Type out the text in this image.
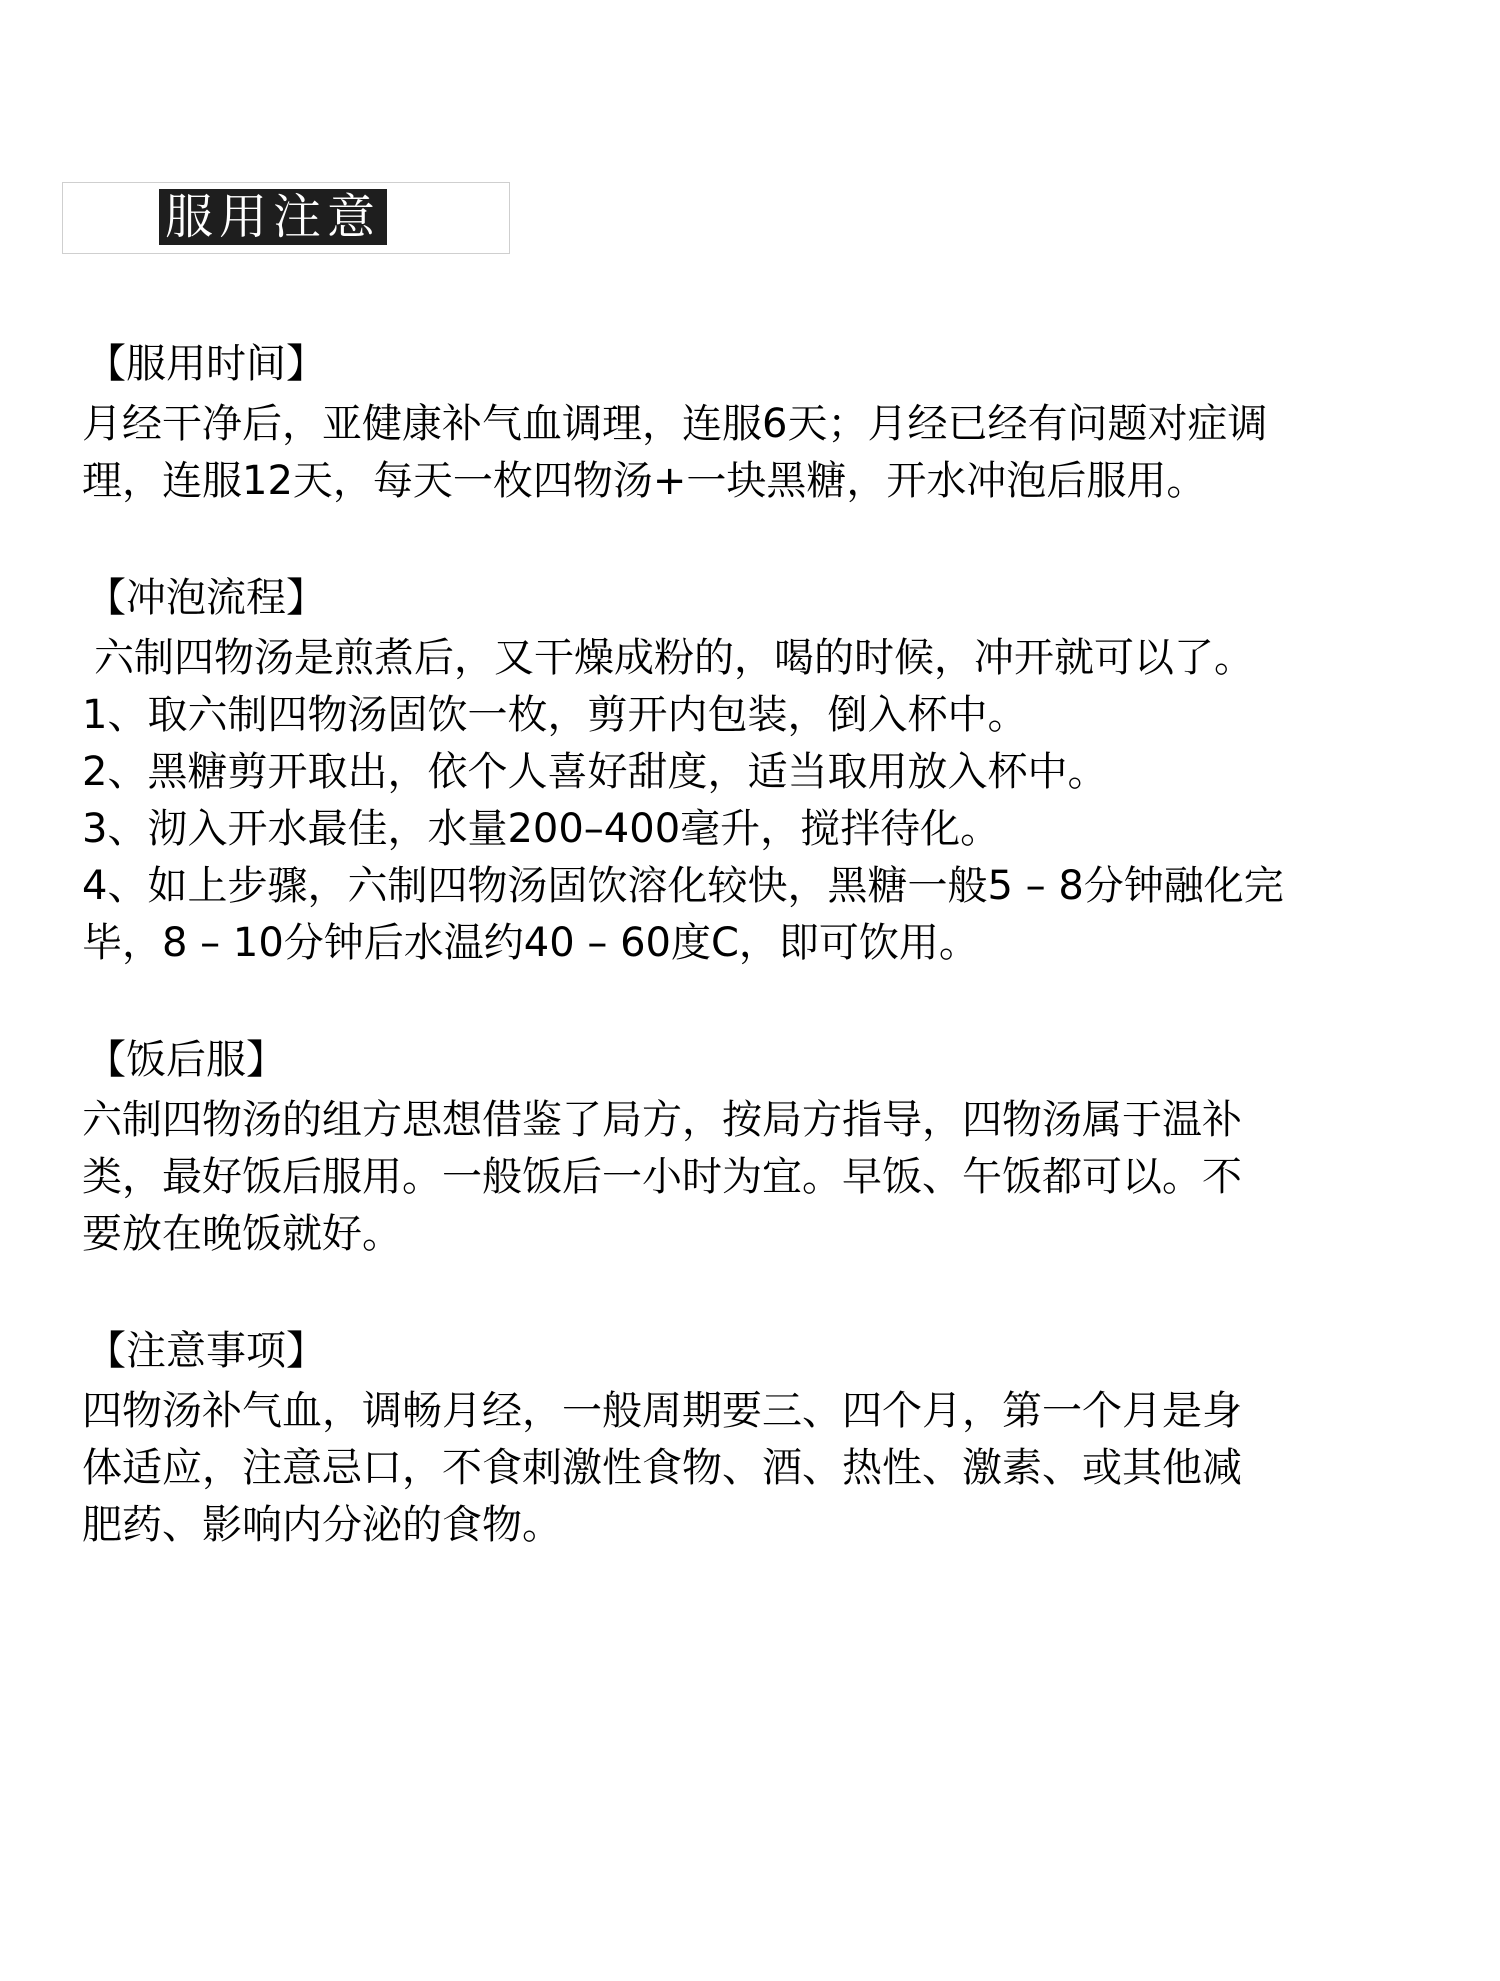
服用注意
【服用时间】

月经干净后，亚健康补气血调理，连服6天；月经已经有问题对症调

理，连服12天，每天一枚四物汤+一块黑糖，开水冲泡后服用。

【冲泡流程】

六制四物汤是煎煮后，又干燥成粉的，喝的时候，冲开就可以了。

1、取六制四物汤固饮一枚，剪开内包装，倒入杯中。

2、黑糖剪开取出，依个人喜好甜度，适当取用放入杯中。

3、沏入开水最佳，水量200–400毫升，搅拌待化。

4、如上步骤，六制四物汤固饮溶化较快，黑糖一般5 – 8分钟融化完

毕，8 – 10分钟后水温约40 – 60度C，即可饮用。

【饭后服】

六制四物汤的组方思想借鉴了局方，按局方指导，四物汤属于温补

类，最好饭后服用。一般饭后一小时为宜。早饭、午饭都可以。不

要放在晚饭就好。

【注意事项】

四物汤补气血，调畅月经，一般周期要三、四个月，第一个月是身

体适应，注意忌口，不食刺激性食物、酒、热性、激素、或其他减

肥药、影响内分泌的食物。
